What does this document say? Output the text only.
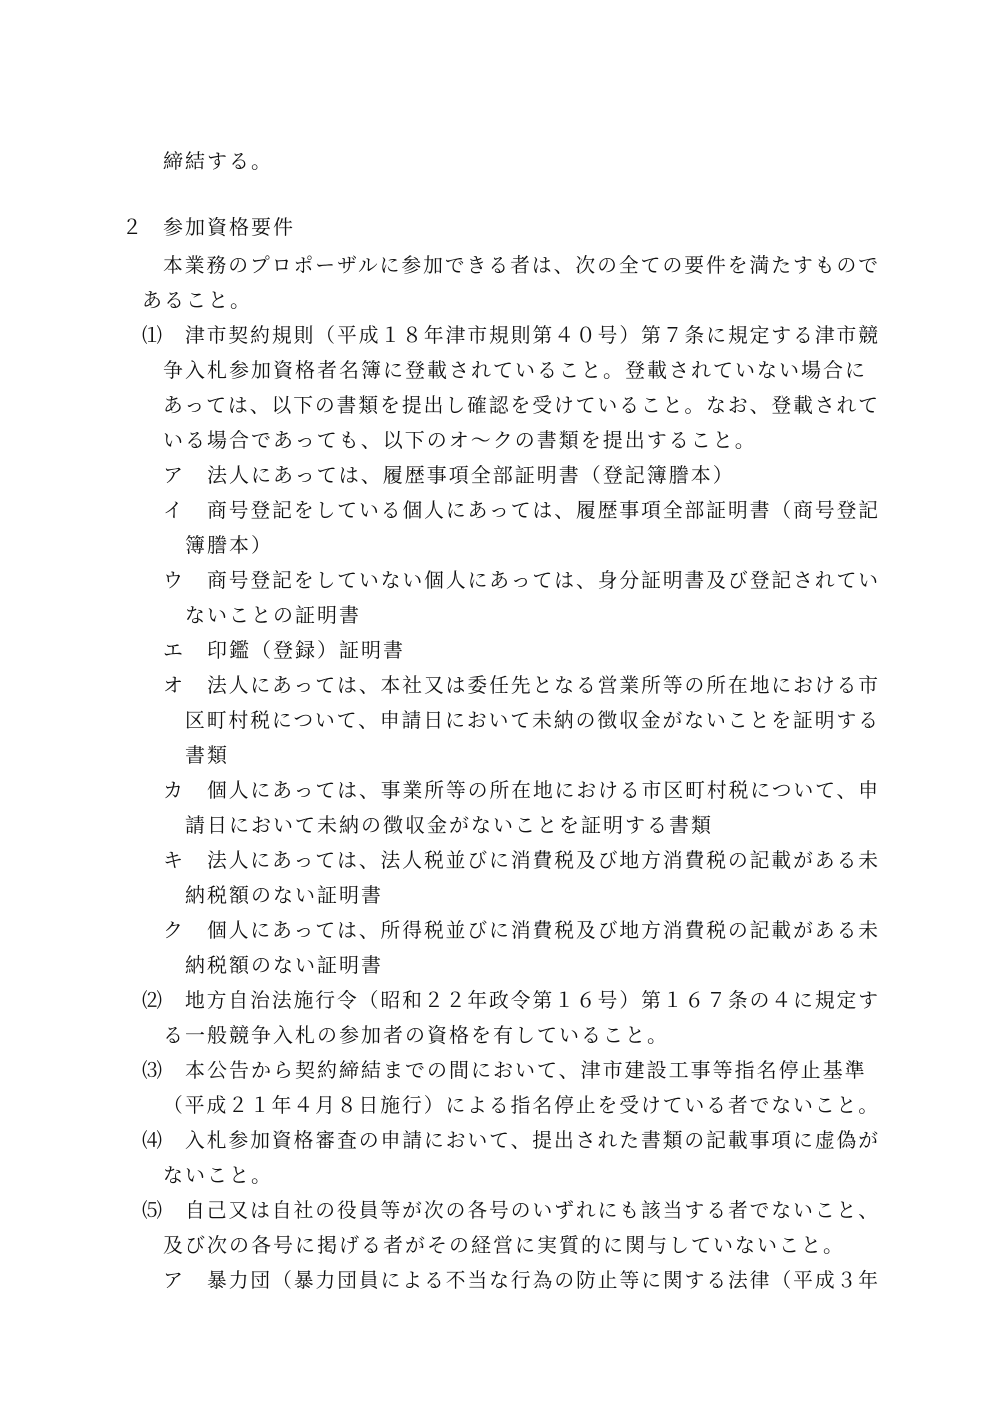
締結する。
２ 参加資格要件
本業務のプロポーザルに参加できる者は、次の全ての要件を満たすもので
あること。
⑴ 津市契約規則（平成１８年津市規則第４０号）第７条に規定する津市競
争入札参加資格者名簿に登載されていること。登載されていない場合に
あっては、以下の書類を提出し確認を受けていること。なお、登載されて
いる場合であっても、以下のオ～クの書類を提出すること。
ア 法人にあっては、履歴事項全部証明書（登記簿謄本）
イ 商号登記をしている個人にあっては、履歴事項全部証明書（商号登記
簿謄本）
ウ 商号登記をしていない個人にあっては、身分証明書及び登記されてい
ないことの証明書
エ 印鑑（登録）証明書
オ 法人にあっては、本社又は委任先となる営業所等の所在地における市
区町村税について、申請日において未納の徴収金がないことを証明する
書類
カ 個人にあっては、事業所等の所在地における市区町村税について、申
請日において未納の徴収金がないことを証明する書類
キ 法人にあっては、法人税並びに消費税及び地方消費税の記載がある未
納税額のない証明書
ク 個人にあっては、所得税並びに消費税及び地方消費税の記載がある未
納税額のない証明書
⑵ 地方自治法施行令（昭和２２年政令第１６号）第１６７条の４に規定す
る一般競争入札の参加者の資格を有していること。
⑶ 本公告から契約締結までの間において、津市建設工事等指名停止基準
（平成２１年４月８日施行）による指名停止を受けている者でないこと。
⑷ 入札参加資格審査の申請において、提出された書類の記載事項に虚偽が
ないこと。
⑸ 自己又は自社の役員等が次の各号のいずれにも該当する者でないこと、
及び次の各号に掲げる者がその経営に実質的に関与していないこと。
ア 暴力団（暴力団員による不当な行為の防止等に関する法律（平成３年
